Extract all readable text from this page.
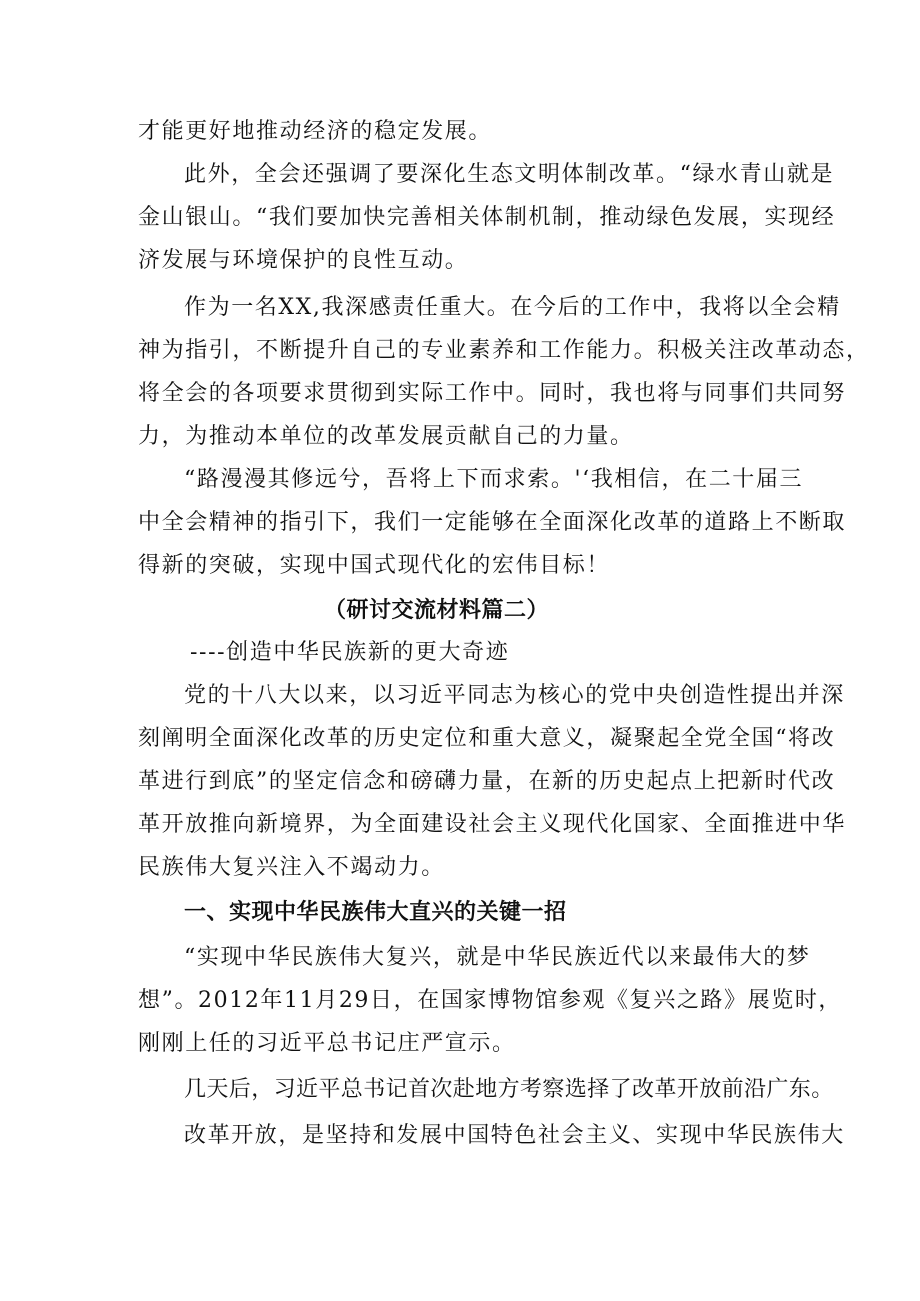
才能更好地推动经济的稳定发展。
此外，全会还强调了要深化生态文明体制改革。“绿水青山就是
金山银山。“我们要加快完善相关体制机制，推动绿色发展，实现经
济发展与环境保护的良性互动。
作为一名XX,我深感责任重大。在今后的工作中，我将以全会精
神为指引，不断提升自己的专业素养和工作能力。积极关注改革动态，
将全会的各项要求贯彻到实际工作中。同时，我也将与同事们共同努
力，为推动本单位的改革发展贡献自己的力量。
“路漫漫其修远兮，吾将上下而求索。'‘我相信，在二十届三
中全会精神的指引下，我们一定能够在全面深化改革的道路上不断取
得新的突破，实现中国式现代化的宏伟目标！
（研讨交流材料篇二）
----创造中华民族新的更大奇迹
党的十八大以来，以习近平同志为核心的党中央创造性提出并深
刻阐明全面深化改革的历史定位和重大意义，凝聚起全党全国“将改
革进行到底”的坚定信念和磅礴力量，在新的历史起点上把新时代改
革开放推向新境界，为全面建设社会主义现代化国家、全面推进中华
民族伟大复兴注入不竭动力。
一、实现中华民族伟大直兴的关键一招
“实现中华民族伟大复兴，就是中华民族近代以来最伟大的梦
想”。2012年11月29日，在国家博物馆参观《复兴之路》展览时，
刚刚上任的习近平总书记庄严宣示。
几天后，习近平总书记首次赴地方考察选择了改革开放前沿广东。
改革开放，是坚持和发展中国特色社会主义、实现中华民族伟大
